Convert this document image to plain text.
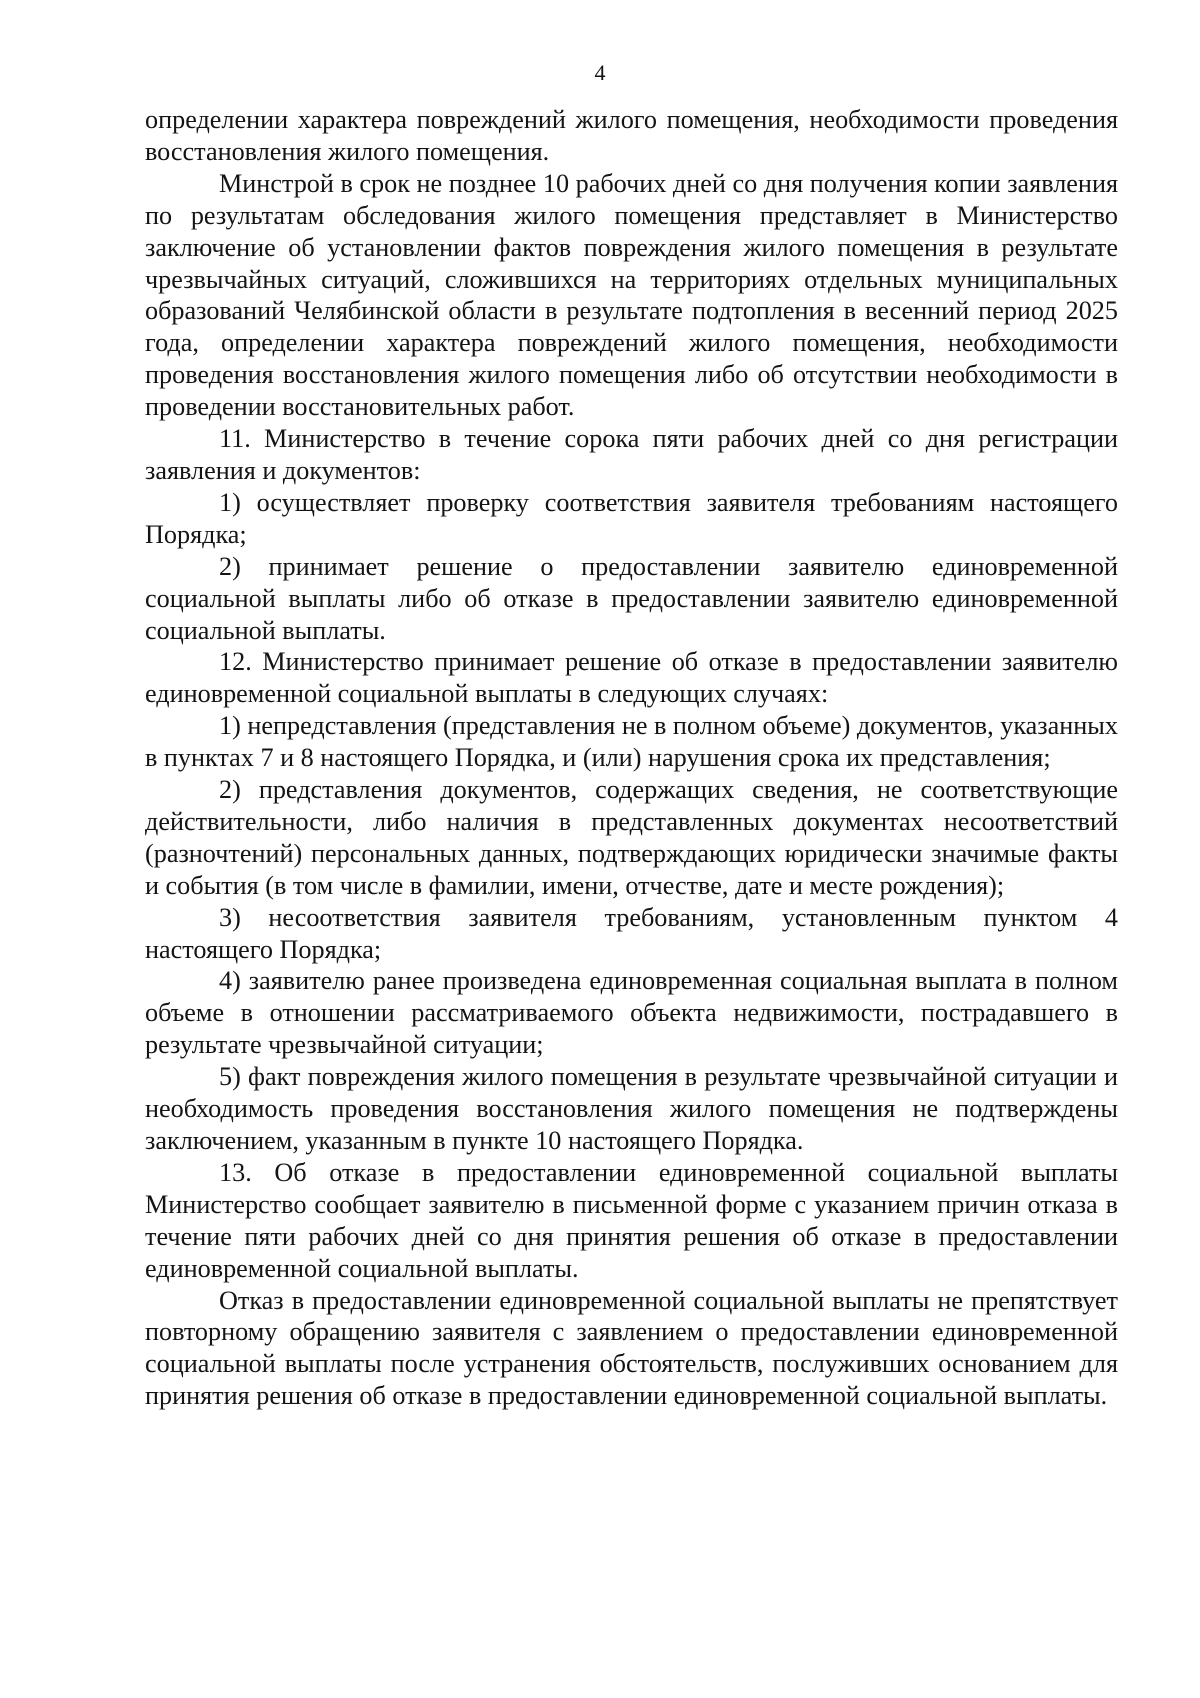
4

определении характера повреждений жилого помещения, необходимости проведения восстановления жилого помещения.

Минстрой в срок не позднее 10 рабочих дней со дня получения копии заявления по результатам обследования жилого помещения представляет в Министерство заключение об установлении фактов повреждения жилого помещения в результате чрезвычайных ситуаций, сложившихся на территориях отдельных муниципальных образований Челябинской области в результате подтопления в весенний период 2025 года, определении характера повреждений жилого помещения, необходимости проведения восстановления жилого помещения либо об отсутствии необходимости в проведении восстановительных работ.

11. Министерство в течение сорока пяти рабочих дней со дня регистрации заявления и документов:

1) осуществляет проверку соответствия заявителя требованиям настоящего Порядка;

2) принимает решение о предоставлении заявителю единовременной социальной выплаты либо об отказе в предоставлении заявителю единовременной социальной выплаты.

12. Министерство принимает решение об отказе в предоставлении заявителю единовременной социальной выплаты в следующих случаях:

1) непредставления (представления не в полном объеме) документов, указанных в пунктах 7 и 8 настоящего Порядка, и (или) нарушения срока их представления;

2) представления документов, содержащих сведения, не соответствующие действительности, либо наличия в представленных документах несоответствий (разночтений) персональных данных, подтверждающих юридически значимые факты и события (в том числе в фамилии, имени, отчестве, дате и месте рождения);

3) несоответствия заявителя требованиям, установленным пунктом 4 настоящего Порядка;

4) заявителю ранее произведена единовременная социальная выплата в полном объеме в отношении рассматриваемого объекта недвижимости, пострадавшего в результате чрезвычайной ситуации;

5) факт повреждения жилого помещения в результате чрезвычайной ситуации и необходимость проведения восстановления жилого помещения не подтверждены заключением, указанным в пункте 10 настоящего Порядка.

13. Об отказе в предоставлении единовременной социальной выплаты Министерство сообщает заявителю в письменной форме с указанием причин отказа в течение пяти рабочих дней со дня принятия решения об отказе в предоставлении единовременной социальной выплаты.

Отказ в предоставлении единовременной социальной выплаты не препятствует повторному обращению заявителя с заявлением о предоставлении единовременной социальной выплаты после устранения обстоятельств, послуживших основанием для принятия решения об отказе в предоставлении единовременной социальной выплаты.
